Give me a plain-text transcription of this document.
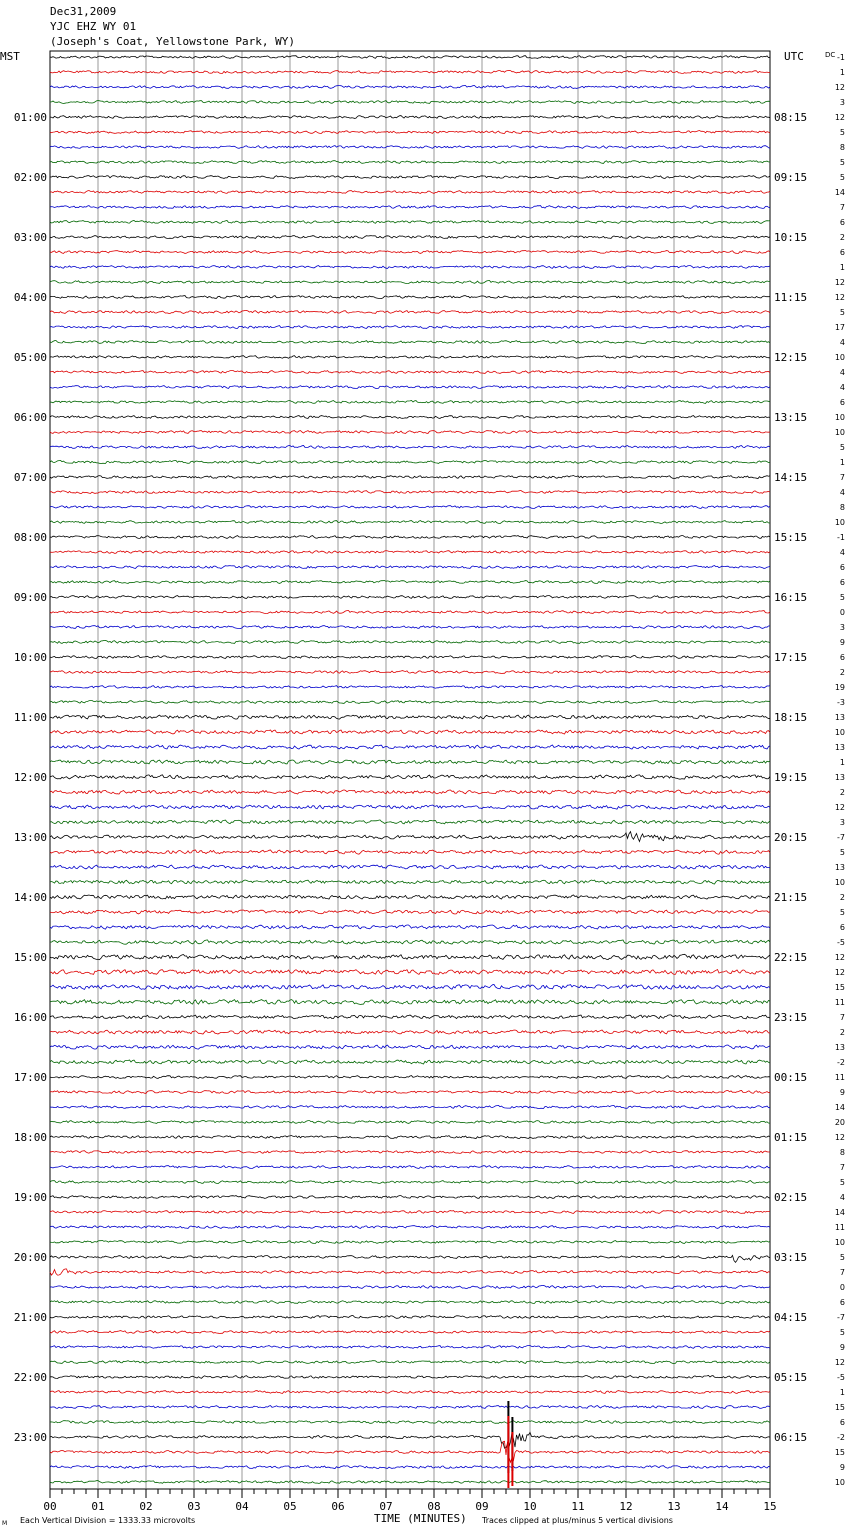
Dec31,2009
YJC EHZ WY 01
(Joseph's Coat, Yellowstone Park, WY)
00	01	02	03	04	05	06	07	08	09	10	11	12	13	14	15
-1
1
12
3
12
5
8
5
5
14
7
6
2
6
1
12
12
5
17
4
10
4
4
6
10
10
5
1
7
4
8
10
-1
4
6
6
5
0
3
9
6
2
19
-3
13
10
13
1
13
2
12
3
-7
5
13
10
2
5
6
-5
12
12
15
11
7
2
13
-2
11
9
14
20
12
8
7
5
4
14
11
10
5
7
0
6
-7
5
9
12
-5
1
15
6
-2
15
9
10
01:00
02:00
03:00
04:00
05:00
06:00
07:00
08:00
09:00
10:00
11:00
12:00
13:00
14:00
15:00
16:00
17:00
18:00
19:00
20:00
21:00
22:00
23:00
08:15
09:15
10:15
11:15
12:15
13:15
14:15
15:15
16:15
17:15
18:15
19:15
20:15
21:15
22:15
23:15
00:15
01:15
02:15
03:15
04:15
05:15
06:15
MST	UTC	DC
M Each Vertical Division = 1333.33 microvolts	TIME (MINUTES) Traces clipped at plus/minus 5 vertical divisions
